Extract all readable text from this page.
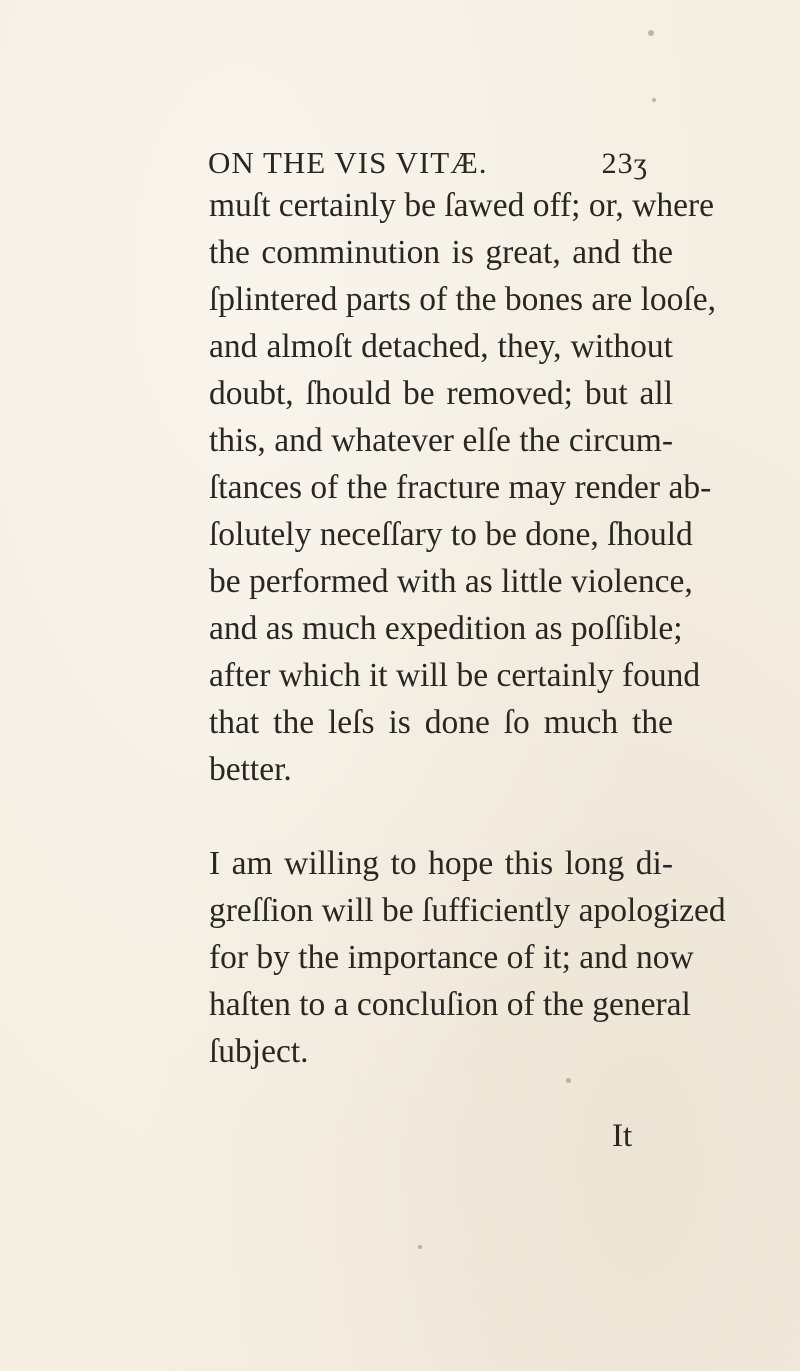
ON THE VIS VITÆ.	23ʒ
muſt certainly be ſawed off; or, where
the comminution is great, and the
ſplintered parts of the bones are looſe,
and almoſt detached, they, without
doubt, ſhould be removed; but all
this, and whatever elſe the circum-
ſtances of the fracture may render ab-
ſolutely neceſſary to be done, ſhould
be performed with as little violence,
and as much expedition as poſſible;
after which it will be certainly found
that the leſs is done ſo much the
better.
I am willing to hope this long di-
greſſion will be ſufficiently apologized
for by the importance of it; and now
haſten to a concluſion of the general
ſubject.
It
